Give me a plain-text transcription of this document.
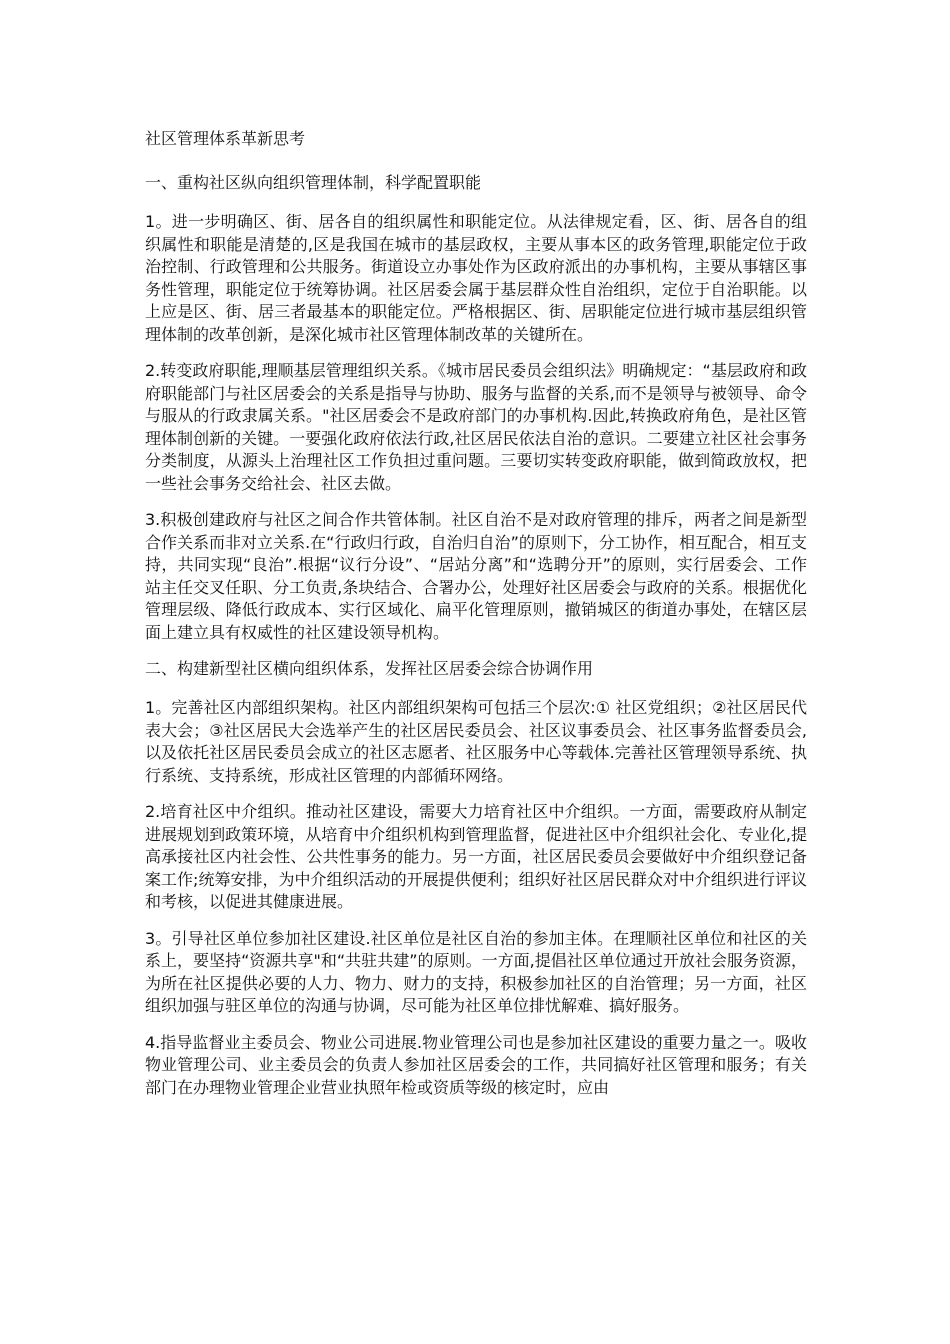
社区管理体系革新思考

一、重构社区纵向组织管理体制，科学配置职能

1。进一步明确区、街、居各自的组织属性和职能定位。从法律规定看，区、街、居各自的组织属性和职能是清楚的,区是我国在城市的基层政权，主要从事本区的政务管理,职能定位于政治控制、行政管理和公共服务。街道设立办事处作为区政府派出的办事机构，主要从事辖区事务性管理，职能定位于统筹协调。社区居委会属于基层群众性自治组织，定位于自治职能。以上应是区、街、居三者最基本的职能定位。严格根据区、街、居职能定位进行城市基层组织管理体制的改革创新，是深化城市社区管理体制改革的关键所在。

2.转变政府职能,理顺基层管理组织关系。《城市居民委员会组织法》明确规定：“基层政府和政府职能部门与社区居委会的关系是指导与协助、服务与监督的关系,而不是领导与被领导、命令与服从的行政隶属关系。"社区居委会不是政府部门的办事机构.因此,转换政府角色，是社区管理体制创新的关键。一要强化政府依法行政,社区居民依法自治的意识。二要建立社区社会事务分类制度，从源头上治理社区工作负担过重问题。三要切实转变政府职能，做到简政放权，把一些社会事务交给社会、社区去做。

3.积极创建政府与社区之间合作共管体制。社区自治不是对政府管理的排斥，两者之间是新型合作关系而非对立关系.在“行政归行政，自治归自治”的原则下，分工协作，相互配合，相互支持，共同实现“良治”.根据“议行分设”、“居站分离”和“选聘分开”的原则，实行居委会、工作站主任交叉任职、分工负责,条块结合、合署办公，处理好社区居委会与政府的关系。根据优化管理层级、降低行政成本、实行区域化、扁平化管理原则，撤销城区的街道办事处，在辖区层面上建立具有权威性的社区建设领导机构。

二、构建新型社区横向组织体系，发挥社区居委会综合协调作用

1。完善社区内部组织架构。社区内部组织架构可包括三个层次:① 社区党组织；②社区居民代表大会；③社区居民大会选举产生的社区居民委员会、社区议事委员会、社区事务监督委员会,以及依托社区居民委员会成立的社区志愿者、社区服务中心等载体.完善社区管理领导系统、执行系统、支持系统，形成社区管理的内部循环网络。

2.培育社区中介组织。推动社区建设，需要大力培育社区中介组织。一方面，需要政府从制定进展规划到政策环境，从培育中介组织机构到管理监督，促进社区中介组织社会化、专业化,提高承接社区内社会性、公共性事务的能力。另一方面，社区居民委员会要做好中介组织登记备案工作;统筹安排，为中介组织活动的开展提供便利；组织好社区居民群众对中介组织进行评议和考核，以促进其健康进展。

3。引导社区单位参加社区建设.社区单位是社区自治的参加主体。在理顺社区单位和社区的关系上，要坚持“资源共享"和“共驻共建”的原则。一方面,提倡社区单位通过开放社会服务资源，为所在社区提供必要的人力、物力、财力的支持，积极参加社区的自治管理；另一方面，社区组织加强与驻区单位的沟通与协调，尽可能为社区单位排忧解难、搞好服务。

4.指导监督业主委员会、物业公司进展.物业管理公司也是参加社区建设的重要力量之一。吸收物业管理公司、业主委员会的负责人参加社区居委会的工作，共同搞好社区管理和服务；有关部门在办理物业管理企业营业执照年检或资质等级的核定时，应由
